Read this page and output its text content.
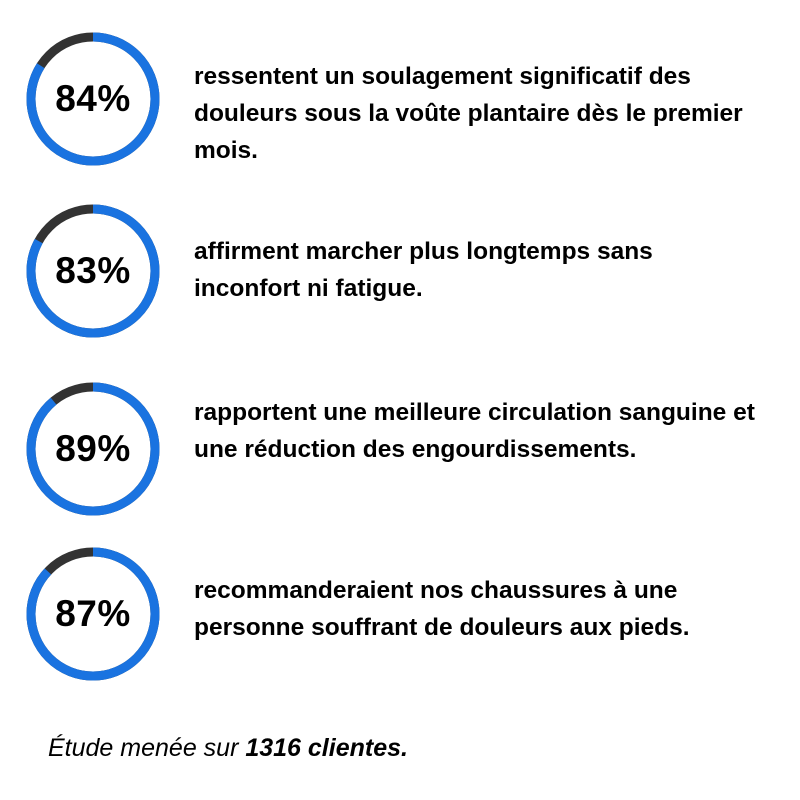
84%
ressentent un soulagement significatif des douleurs sous la voûte plantaire dès le premier mois.
83%	affirment marcher plus longtemps sans inconfort ni fatigue.
89%
rapportent une meilleure circulation sanguine et une réduction des engourdissements.
87%
recommanderaient nos chaussures à une personne souffrant de douleurs aux pieds.
Étude menée sur 1316 clientes.
